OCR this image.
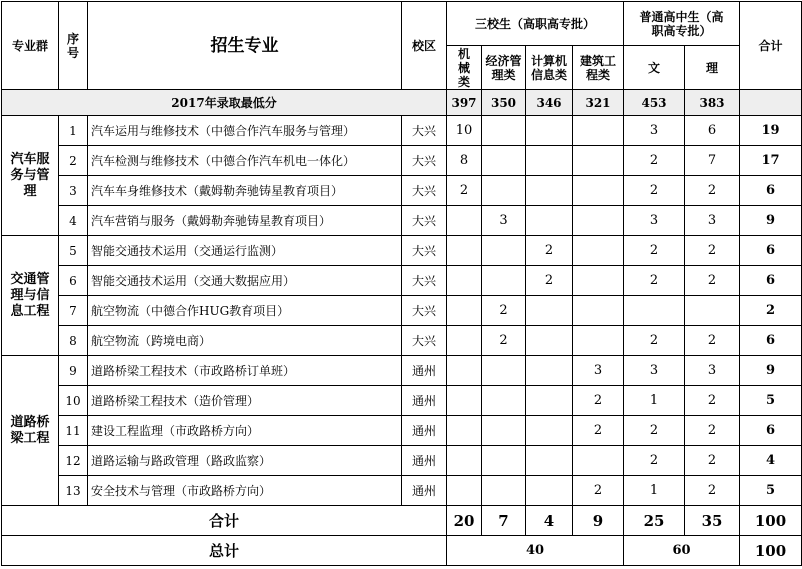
专业群	序号	招生专业	校区	三校生（高职高专批）				普通高中生（高职高专批）		合计
				机械类	经济管理类	计算机信息类	建筑工程类	文	理	
2017年录取最低分				397	350	346	321	453	383	
汽车服务与管理	1	汽车运用与维修技术（中德合作汽车服务与管理）	大兴	10				3	6	19
	2	汽车检测与维修技术（中德合作汽车机电一体化）	大兴	8				2	7	17
	3	汽车车身维修技术（戴姆勒奔驰铸星教育项目）	大兴	2				2	2	6
	4	汽车营销与服务（戴姆勒奔驰铸星教育项目）	大兴		3			3	3	9
交通管理与信息工程	5	智能交通技术运用（交通运行监测）	大兴			2		2	2	6
	6	智能交通技术运用（交通大数据应用）	大兴			2		2	2	6
	7	航空物流（中德合作HUG教育项目）	大兴		2					2
	8	航空物流（跨境电商）	大兴		2			2	2	6
道路桥梁工程	9	道路桥梁工程技术（市政路桥订单班）	通州				3	3	3	9
	10	道路桥梁工程技术（造价管理）	通州				2	1	2	5
	11	建设工程监理（市政路桥方向）	通州				2	2	2	6
	12	道路运输与路政管理（路政监察）	通州					2	2	4
	13	安全技术与管理（市政路桥方向）	通州				2	1	2	5
合计				20	7	4	9	25	35	100
总计				40				60		100
